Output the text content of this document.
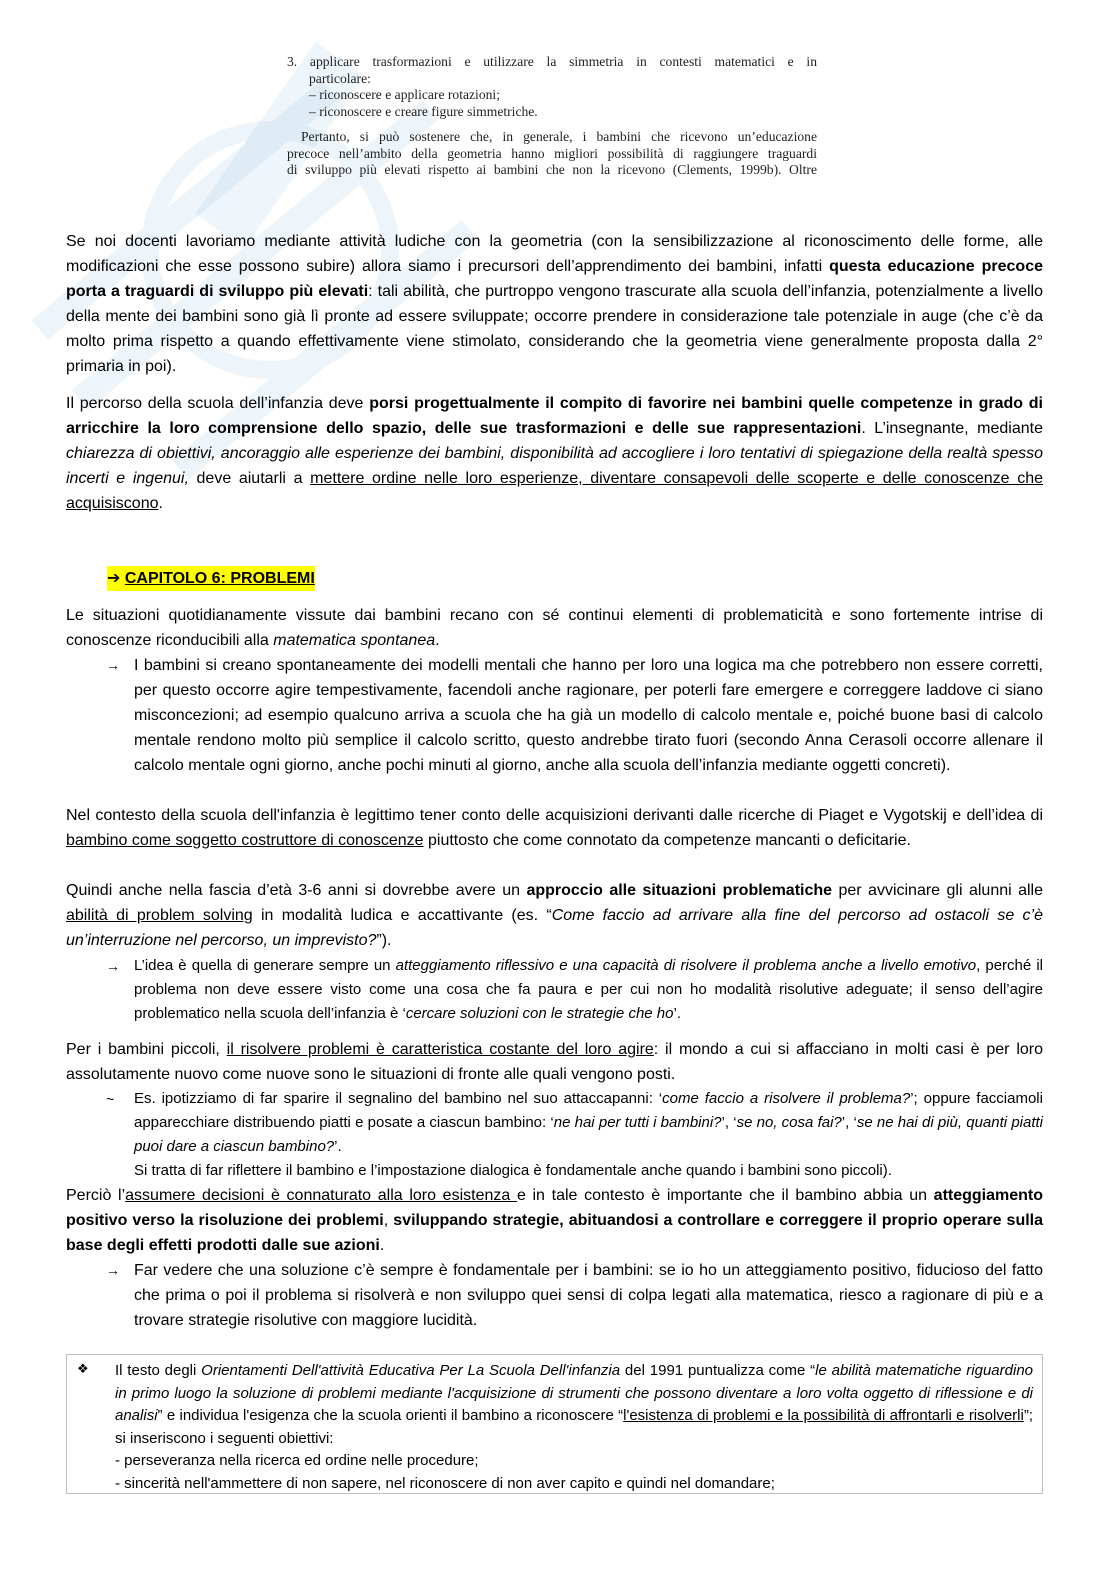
3. applicare trasformazioni e utilizzare la simmetria in contesti matematici e in

particolare:

– riconoscere e applicare rotazioni;

– riconoscere e creare figure simmetriche.

Pertanto, si può sostenere che, in generale, i bambini che ricevono un’educazione

precoce nell’ambito della geometria hanno migliori possibilità di raggiungere traguardi

di sviluppo più elevati rispetto ai bambini che non la ricevono (Clements, 1999b). Oltre

Se noi docenti lavoriamo mediante attività ludiche con la geometria (con la sensibilizzazione al riconoscimento delle forme, alle modificazioni che esse possono subire) allora siamo i precursori dell’apprendimento dei bambini, infatti questa educazione precoce porta a traguardi di sviluppo più elevati: tali abilità, che purtroppo vengono trascurate alla scuola dell’infanzia, potenzialmente a livello della mente dei bambini sono già lì pronte ad essere sviluppate; occorre prendere in considerazione tale potenziale in auge (che c’è da molto prima rispetto a quando effettivamente viene stimolato, considerando che la geometria viene generalmente proposta dalla 2° primaria in poi).

Il percorso della scuola dell’infanzia deve porsi progettualmente il compito di favorire nei bambini quelle competenze in grado di arricchire la loro comprensione dello spazio, delle sue trasformazioni e delle sue rappresentazioni. L’insegnante, mediante chiarezza di obiettivi, ancoraggio alle esperienze dei bambini, disponibilità ad accogliere i loro tentativi di spiegazione della realtà spesso incerti e ingenui, deve aiutarli a mettere ordine nelle loro esperienze, diventare consapevoli delle scoperte e delle conoscenze che acquisiscono.

➔ CAPITOLO 6: PROBLEMI

Le situazioni quotidianamente vissute dai bambini recano con sé continui elementi di problematicità e sono fortemente intrise di conoscenze riconducibili alla matematica spontanea.

→ I bambini si creano spontaneamente dei modelli mentali che hanno per loro una logica ma che potrebbero non essere corretti, per questo occorre agire tempestivamente, facendoli anche ragionare, per poterli fare emergere e correggere laddove ci siano misconcezioni; ad esempio qualcuno arriva a scuola che ha già un modello di calcolo mentale e, poiché buone basi di calcolo mentale rendono molto più semplice il calcolo scritto, questo andrebbe tirato fuori (secondo Anna Cerasoli occorre allenare il calcolo mentale ogni giorno, anche pochi minuti al giorno, anche alla scuola dell’infanzia mediante oggetti concreti).

Nel contesto della scuola dell'infanzia è legittimo tener conto delle acquisizioni derivanti dalle ricerche di Piaget e Vygotskij e dell’idea di bambino come soggetto costruttore di conoscenze piuttosto che come connotato da competenze mancanti o deficitarie.

Quindi anche nella fascia d’età 3-6 anni si dovrebbe avere un approccio alle situazioni problematiche per avvicinare gli alunni alle abilità di problem solving in modalità ludica e accattivante (es. “Come faccio ad arrivare alla fine del percorso ad ostacoli se c’è un’interruzione nel percorso, un imprevisto?”).

→ L’idea è quella di generare sempre un atteggiamento riflessivo e una capacità di risolvere il problema anche a livello emotivo, perché il problema non deve essere visto come una cosa che fa paura e per cui non ho modalità risolutive adeguate; il senso dell’agire problematico nella scuola dell’infanzia è ‘cercare soluzioni con le strategie che ho’.

Per i bambini piccoli, il risolvere problemi è caratteristica costante del loro agire: il mondo a cui si affacciano in molti casi è per loro assolutamente nuovo come nuove sono le situazioni di fronte alle quali vengono posti.

~ Es. ipotizziamo di far sparire il segnalino del bambino nel suo attaccapanni: ‘come faccio a risolvere il problema?’; oppure facciamoli apparecchiare distribuendo piatti e posate a ciascun bambino: ‘ne hai per tutti i bambini?’, ‘se no, cosa fai?’, ‘se ne hai di più, quanti piatti puoi dare a ciascun bambino?’.
Si tratta di far riflettere il bambino e l’impostazione dialogica è fondamentale anche quando i bambini sono piccoli).

Perciò l’assumere decisioni è connaturato alla loro esistenza e in tale contesto è importante che il bambino abbia un atteggiamento positivo verso la risoluzione dei problemi, sviluppando strategie, abituandosi a controllare e correggere il proprio operare sulla base degli effetti prodotti dalle sue azioni.

→ Far vedere che una soluzione c’è sempre è fondamentale per i bambini: se io ho un atteggiamento positivo, fiducioso del fatto che prima o poi il problema si risolverà e non sviluppo quei sensi di colpa legati alla matematica, riesco a ragionare di più e a trovare strategie risolutive con maggiore lucidità.

❖ Il testo degli Orientamenti Dell'attività Educativa Per La Scuola Dell'infanzia del 1991 puntualizza come “le abilità matematiche riguardino in primo luogo la soluzione di problemi mediante l'acquisizione di strumenti che possono diventare a loro volta oggetto di riflessione e di analisi” e individua l'esigenza che la scuola orienti il bambino a riconoscere “l'esistenza di problemi e la possibilità di affrontarli e risolverli”; si inseriscono i seguenti obiettivi:

- perseveranza nella ricerca ed ordine nelle procedure;

- sincerità nell'ammettere di non sapere, nel riconoscere di non aver capito e quindi nel domandare;
